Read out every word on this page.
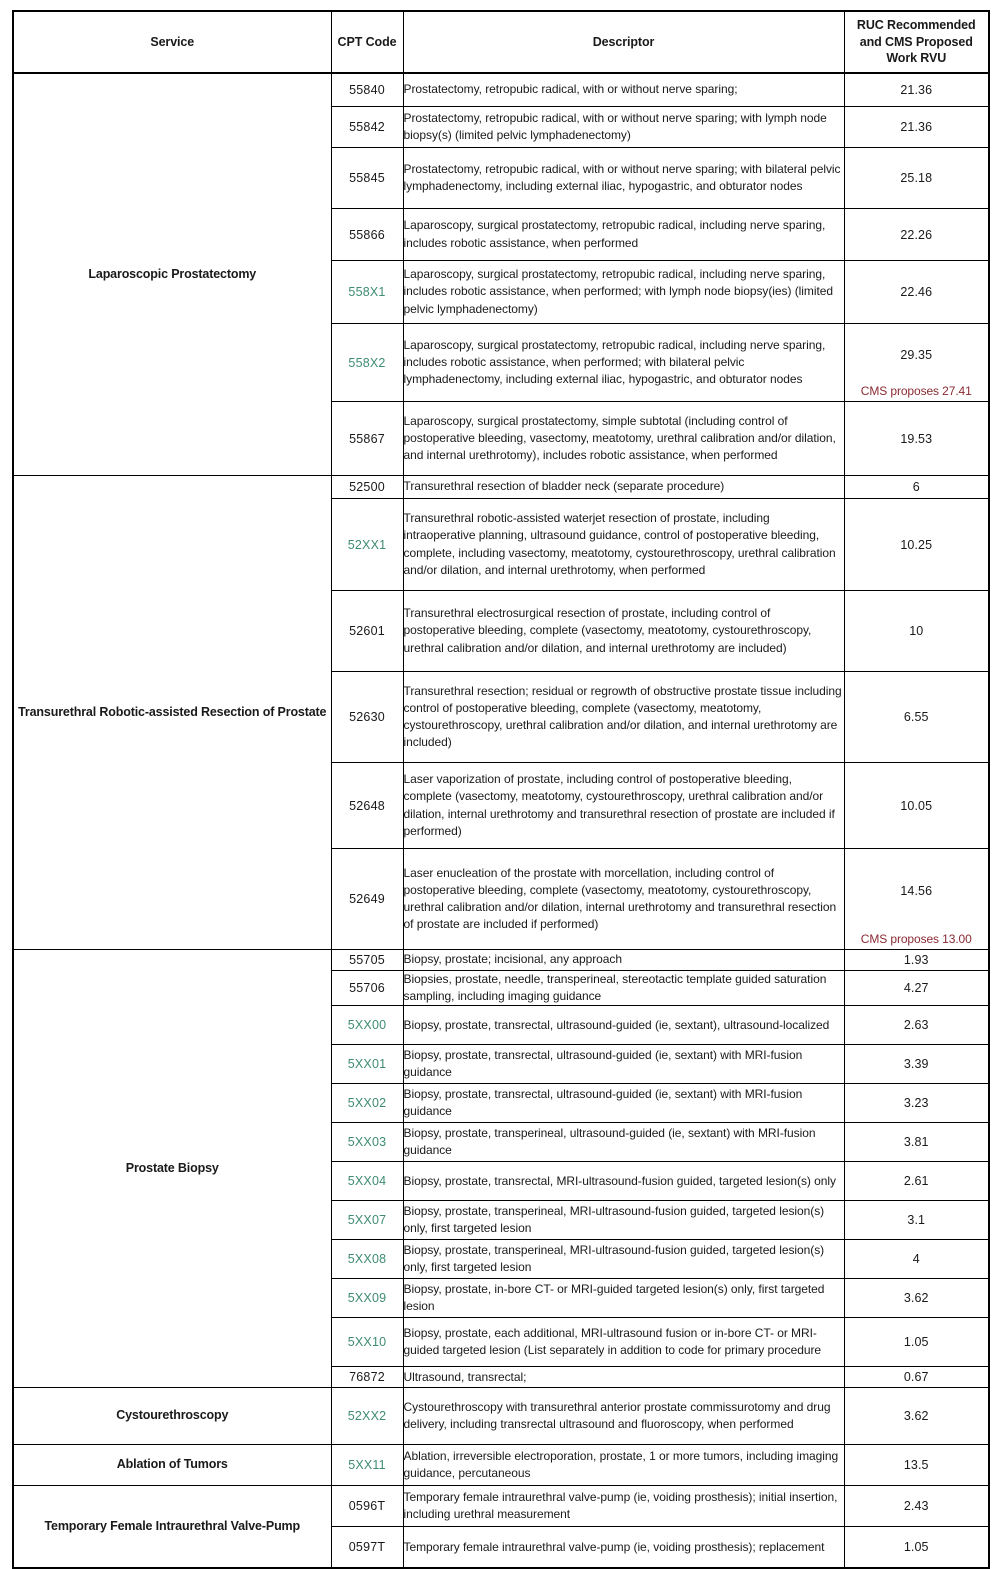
Service	CPT Code	Descriptor	RUC Recommended
and CMS Proposed
Work RVU
Laparoscopic Prostatectomy	55840	Prostatectomy, retropubic radical, with or without nerve sparing;	21.36

	55842	Prostatectomy, retropubic radical, with or without nerve sparing; with lymph node biopsy(s) (limited pelvic lymphadenectomy)	21.36

	55845	Prostatectomy, retropubic radical, with or without nerve sparing; with bilateral pelvic lymphadenectomy, including external iliac, hypogastric, and obturator nodes	25.18

	55866	Laparoscopy, surgical prostatectomy, retropubic radical, including nerve sparing, includes robotic assistance, when performed	22.26

	558X1	Laparoscopy, surgical prostatectomy, retropubic radical, including nerve sparing, includes robotic assistance, when performed; with lymph node biopsy(ies) (limited pelvic lymphadenectomy)	22.46

	558X2	Laparoscopy, surgical prostatectomy, retropubic radical, including nerve sparing, includes robotic assistance, when performed; with bilateral pelvic lymphadenectomy, including external iliac, hypogastric, and obturator nodes	29.35
CMS proposes 27.41

	55867	Laparoscopy, surgical prostatectomy, simple subtotal (including control of postoperative bleeding, vasectomy, meatotomy, urethral calibration and/or dilation, and internal urethrotomy), includes robotic assistance, when performed	19.53

Transurethral Robotic-assisted Resection of Prostate	52500	Transurethral resection of bladder neck (separate procedure)	6

	52XX1	Transurethral robotic-assisted waterjet resection of prostate, including intraoperative planning, ultrasound guidance, control of postoperative bleeding, complete, including vasectomy, meatotomy, cystourethroscopy, urethral calibration and/or dilation, and internal urethrotomy, when performed	10.25

	52601	Transurethral electrosurgical resection of prostate, including control of postoperative bleeding, complete (vasectomy, meatotomy, cystourethroscopy, urethral calibration and/or dilation, and internal urethrotomy are included)	10

	52630	Transurethral resection; residual or regrowth of obstructive prostate tissue including control of postoperative bleeding, complete (vasectomy, meatotomy, cystourethroscopy, urethral calibration and/or dilation, and internal urethrotomy are included)	6.55

	52648	Laser vaporization of prostate, including control of postoperative bleeding, complete (vasectomy, meatotomy, cystourethroscopy, urethral calibration and/or dilation, internal urethrotomy and transurethral resection of prostate are included if performed)	10.05

	52649	Laser enucleation of the prostate with morcellation, including control of postoperative bleeding, complete (vasectomy, meatotomy, cystourethroscopy, urethral calibration and/or dilation, internal urethrotomy and transurethral resection of prostate are included if performed)	14.56
CMS proposes 13.00

Prostate Biopsy	55705	Biopsy, prostate; incisional, any approach	1.93

	55706	Biopsies, prostate, needle, transperineal, stereotactic template guided saturation sampling, including imaging guidance	4.27

	5XX00	Biopsy, prostate, transrectal, ultrasound-guided (ie, sextant), ultrasound-localized	2.63

	5XX01	Biopsy, prostate, transrectal, ultrasound-guided (ie, sextant) with MRI-fusion guidance	3.39

	5XX02	Biopsy, prostate, transrectal, ultrasound-guided (ie, sextant) with MRI-fusion guidance	3.23

	5XX03	Biopsy, prostate, transperineal, ultrasound-guided (ie, sextant) with MRI-fusion guidance	3.81

	5XX04	Biopsy, prostate, transrectal, MRI-ultrasound-fusion guided, targeted lesion(s) only	2.61

	5XX07	Biopsy, prostate, transperineal, MRI-ultrasound-fusion guided, targeted lesion(s) only, first targeted lesion	3.1

	5XX08	Biopsy, prostate, transperineal, MRI-ultrasound-fusion guided, targeted lesion(s) only, first targeted lesion	4

	5XX09	Biopsy, prostate, in-bore CT- or MRI-guided targeted lesion(s) only, first targeted lesion	3.62

	5XX10	Biopsy, prostate, each additional, MRI-ultrasound fusion or in-bore CT- or MRI-guided targeted lesion (List separately in addition to code for primary procedure	1.05

	76872	Ultrasound, transrectal;	0.67

Cystourethroscopy	52XX2	Cystourethroscopy with transurethral anterior prostate commissurotomy and drug delivery, including transrectal ultrasound and fluoroscopy, when performed	3.62

Ablation of Tumors	5XX11	Ablation, irreversible electroporation, prostate, 1 or more tumors, including imaging guidance, percutaneous	13.5

Temporary Female Intraurethral Valve-Pump	0596T	Temporary female intraurethral valve-pump (ie, voiding prosthesis); initial insertion, including urethral measurement	2.43

	0597T	Temporary female intraurethral valve-pump (ie, voiding prosthesis); replacement	1.05
